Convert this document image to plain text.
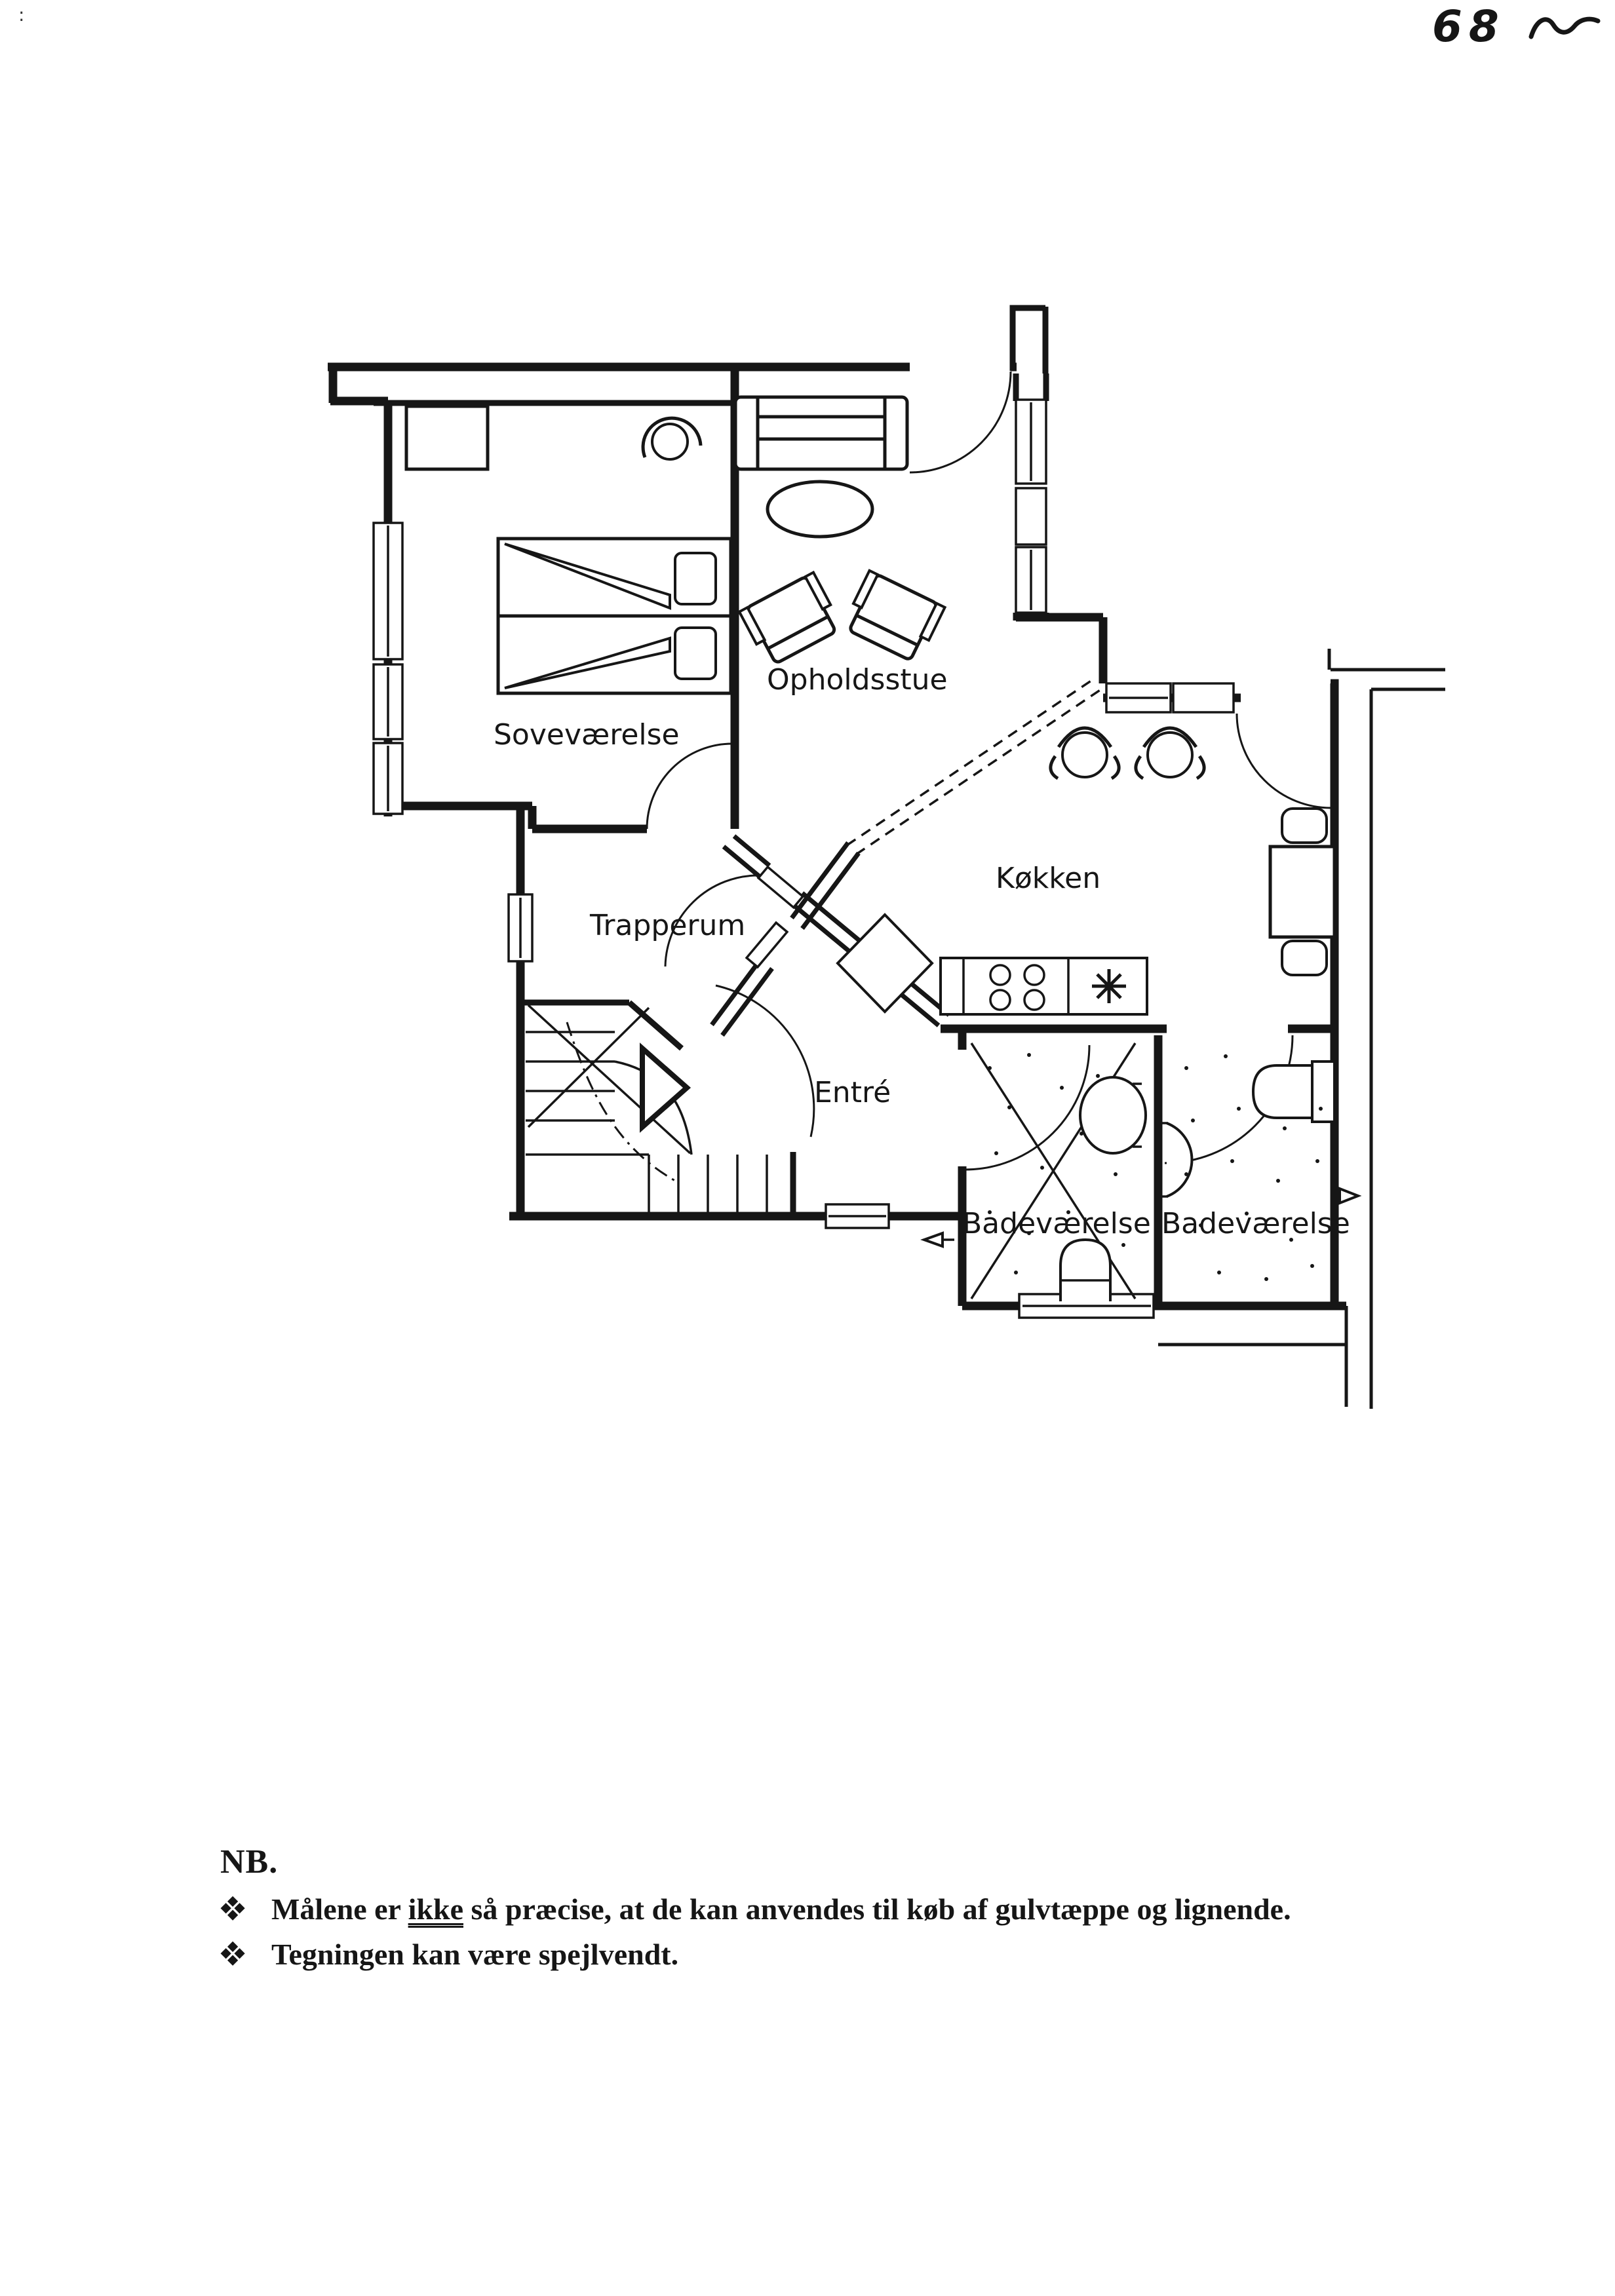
:	68
Soveværelse
Opholdsstue
Køkken
Trapperum
Entré
Badeværelse Badeværelse
NB.
Målene er ikke så præcise, at de kan anvendes til køb af gulvtæppe og lignende.
Tegningen kan være spejlvendt.
